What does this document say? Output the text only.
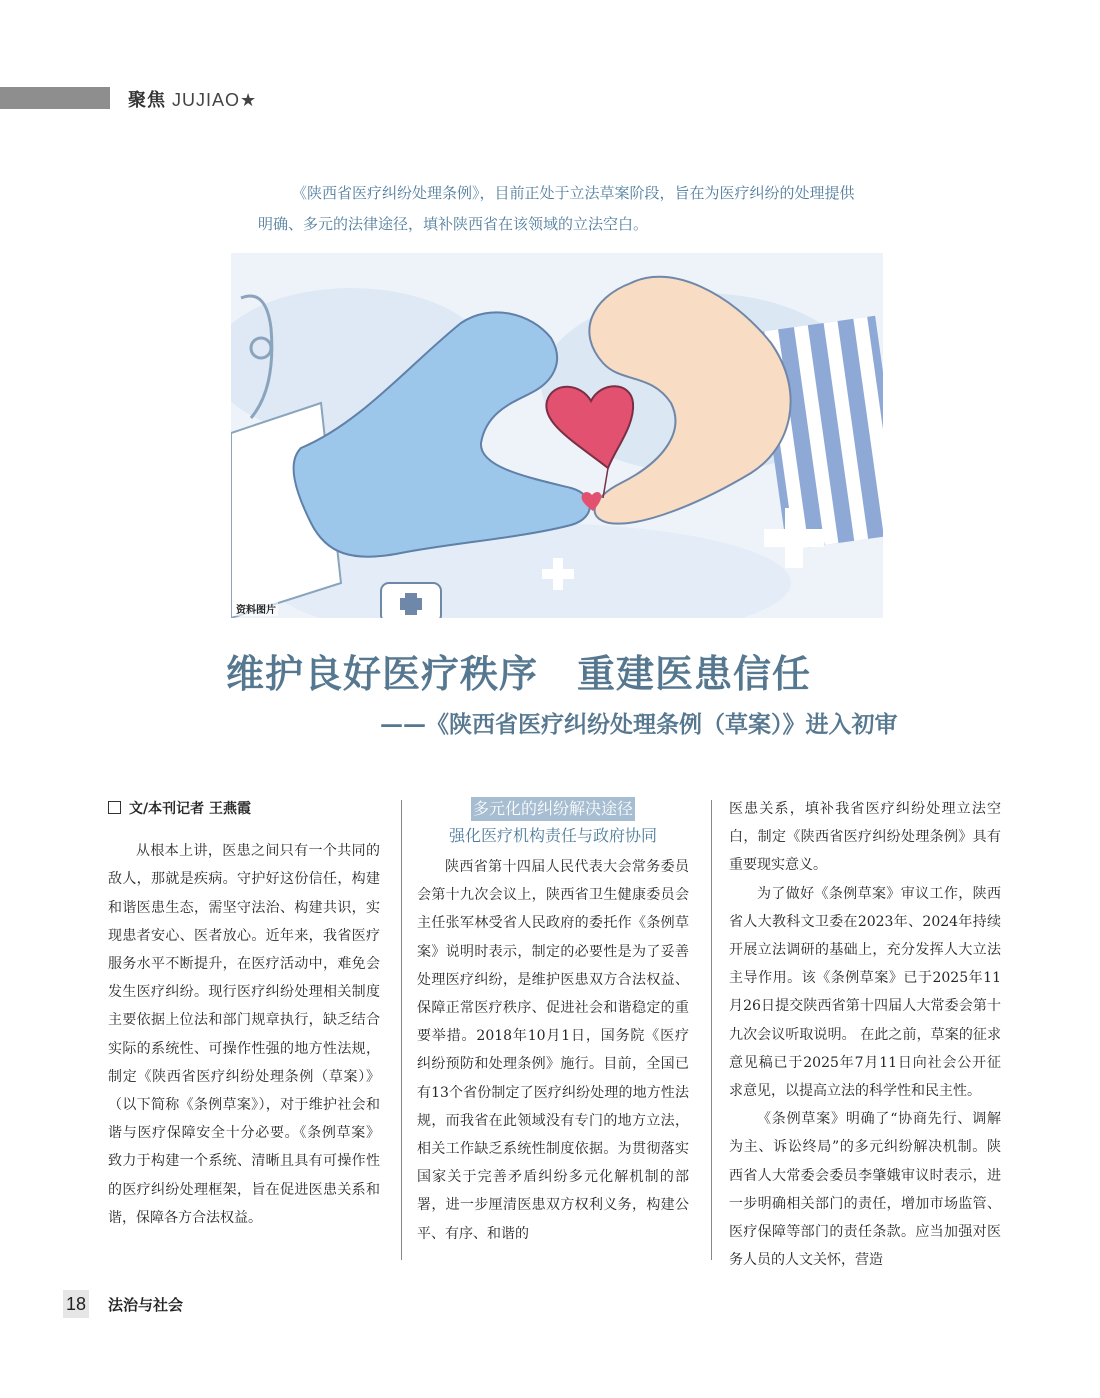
聚焦 JUJIAO★
《陕西省医疗纠纷处理条例》，目前正处于立法草案阶段，旨在为医疗纠纷的处理提供明确、多元的法律途径，填补陕西省在该领域的立法空白。
资料图片
维护良好医疗秩序　重建医患信任
——《陕西省医疗纠纷处理条例（草案）》进入初审
文/本刊记者 王燕霞

从根本上讲，医患之间只有一个共同的敌人，那就是疾病。守护好这份信任，构建和谐医患生态，需坚守法治、构建共识，实现患者安心、医者放心。近年来，我省医疗服务水平不断提升，在医疗活动中，难免会发生医疗纠纷。现行医疗纠纷处理相关制度主要依据上位法和部门规章执行，缺乏结合实际的系统性、可操作性强的地方性法规，制定《陕西省医疗纠纷处理条例（草案）》（以下简称《条例草案》），对于维护社会和谐与医疗保障安全十分必要。《条例草案》致力于构建一个系统、清晰且具有可操作性的医疗纠纷处理框架，旨在促进医患关系和谐，保障各方合法权益。

多元化的纠纷解决途径
强化医疗机构责任与政府协同

陕西省第十四届人民代表大会常务委员会第十九次会议上，陕西省卫生健康委员会主任张军林受省人民政府的委托作《条例草案》说明时表示，制定的必要性是为了妥善处理医疗纠纷，是维护医患双方合法权益、保障正常医疗秩序、促进社会和谐稳定的重要举措。2018年10月1日，国务院《医疗纠纷预防和处理条例》施行。目前，全国已有13个省份制定了医疗纠纷处理的地方性法规，而我省在此领域没有专门的地方立法，相关工作缺乏系统性制度依据。为贯彻落实国家关于完善矛盾纠纷多元化解机制的部署，进一步厘清医患双方权利义务，构建公平、有序、和谐的

医患关系，填补我省医疗纠纷处理立法空白，制定《陕西省医疗纠纷处理条例》具有重要现实意义。

为了做好《条例草案》审议工作，陕西省人大教科文卫委在2023年、2024年持续开展立法调研的基础上，充分发挥人大立法主导作用。该《条例草案》已于2025年11月26日提交陕西省第十四届人大常委会第十九次会议听取说明。 在此之前，草案的征求意见稿已于2025年7月11日向社会公开征求意见，以提高立法的科学性和民主性。

《条例草案》明确了“协商先行、调解为主、诉讼终局”的多元纠纷解决机制。陕西省人大常委会委员李肇娥审议时表示，进一步明确相关部门的责任，增加市场监管、医疗保障等部门的责任条款。应当加强对医务人员的人文关怀，营造

18 法治与社会
